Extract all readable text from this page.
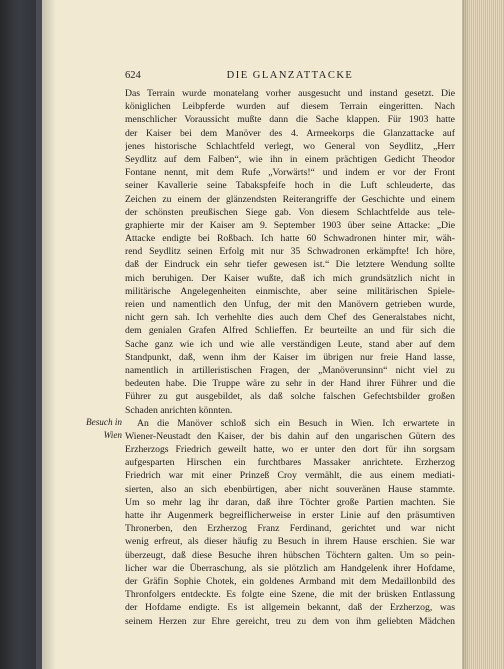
624	DIE GLANZATTACKE
Besuch in
Wien
Das Terrain wurde monatelang vorher ausgesucht und instand gesetzt. Die
königlichen Leibpferde wurden auf diesem Terrain eingeritten. Nach
menschlicher Voraussicht mußte dann die Sache klappen. Für 1903 hatte
der Kaiser bei dem Manöver des 4. Armeekorps die Glanzattacke auf
jenes historische Schlachtfeld verlegt, wo General von Seydlitz, „Herr
Seydlitz auf dem Falben“, wie ihn in einem prächtigen Gedicht Theodor
Fontane nennt, mit dem Rufe „Vorwärts!“ und indem er vor der Front
seiner Kavallerie seine Tabakspfeife hoch in die Luft schleuderte, das
Zeichen zu einem der glänzendsten Reiterangriffe der Geschichte und einem
der schönsten preußischen Siege gab. Von diesem Schlachtfelde aus tele-
graphierte mir der Kaiser am 9. September 1903 über seine Attacke: „Die
Attacke endigte bei Roßbach. Ich hatte 60 Schwadronen hinter mir, wäh-
rend Seydlitz seinen Erfolg mit nur 35 Schwadronen erkämpfte! Ich höre,
daß der Eindruck ein sehr tiefer gewesen ist.“ Die letztere Wendung sollte
mich beruhigen. Der Kaiser wußte, daß ich mich grundsätzlich nicht in
militärische Angelegenheiten einmischte, aber seine militärischen Spiele-
reien und namentlich den Unfug, der mit den Manövern getrieben wurde,
nicht gern sah. Ich verhehlte dies auch dem Chef des Generalstabes nicht,
dem genialen Grafen Alfred Schlieffen. Er beurteilte an und für sich die
Sache ganz wie ich und wie alle verständigen Leute, stand aber auf dem
Standpunkt, daß, wenn ihm der Kaiser im übrigen nur freie Hand lasse,
namentlich in artilleristischen Fragen, der „Manöverunsinn“ nicht viel zu
bedeuten habe. Die Truppe wäre zu sehr in der Hand ihrer Führer und die
Führer zu gut ausgebildet, als daß solche falschen Gefechtsbilder großen
Schaden anrichten könnten.
An die Manöver schloß sich ein Besuch in Wien. Ich erwartete in
Wiener-Neustadt den Kaiser, der bis dahin auf den ungarischen Gütern des
Erzherzogs Friedrich geweilt hatte, wo er unter den dort für ihn sorgsam
aufgesparten Hirschen ein furchtbares Massaker anrichtete. Erzherzog
Friedrich war mit einer Prinzeß Croy vermählt, die aus einem mediati-
sierten, also an sich ebenbürtigen, aber nicht souveränen Hause stammte.
Um so mehr lag ihr daran, daß ihre Töchter große Partien machten. Sie
hatte ihr Augenmerk begreiflicherweise in erster Linie auf den präsumtiven
Thronerben, den Erzherzog Franz Ferdinand, gerichtet und war nicht
wenig erfreut, als dieser häufig zu Besuch in ihrem Hause erschien. Sie war
überzeugt, daß diese Besuche ihren hübschen Töchtern galten. Um so pein-
licher war die Überraschung, als sie plötzlich am Handgelenk ihrer Hofdame,
der Gräfin Sophie Chotek, ein goldenes Armband mit dem Medaillonbild des
Thronfolgers entdeckte. Es folgte eine Szene, die mit der brüsken Entlassung
der Hofdame endigte. Es ist allgemein bekannt, daß der Erzherzog, was
seinem Herzen zur Ehre gereicht, treu zu dem von ihm geliebten Mädchen
